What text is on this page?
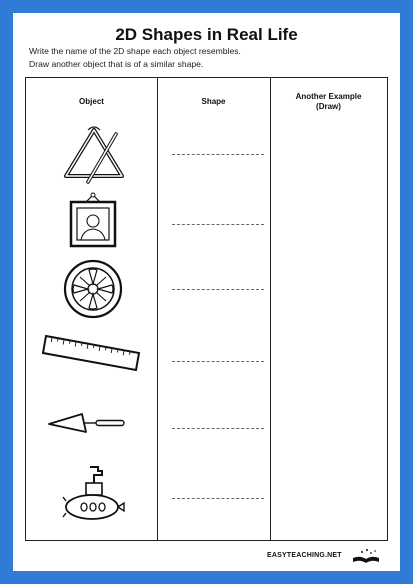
2D Shapes in Real Life
Write the name of the 2D shape each object resembles.
Draw another object that is of a similar shape.
Object	Shape
Another Example
(Draw)
EASYTEACHING.NET
